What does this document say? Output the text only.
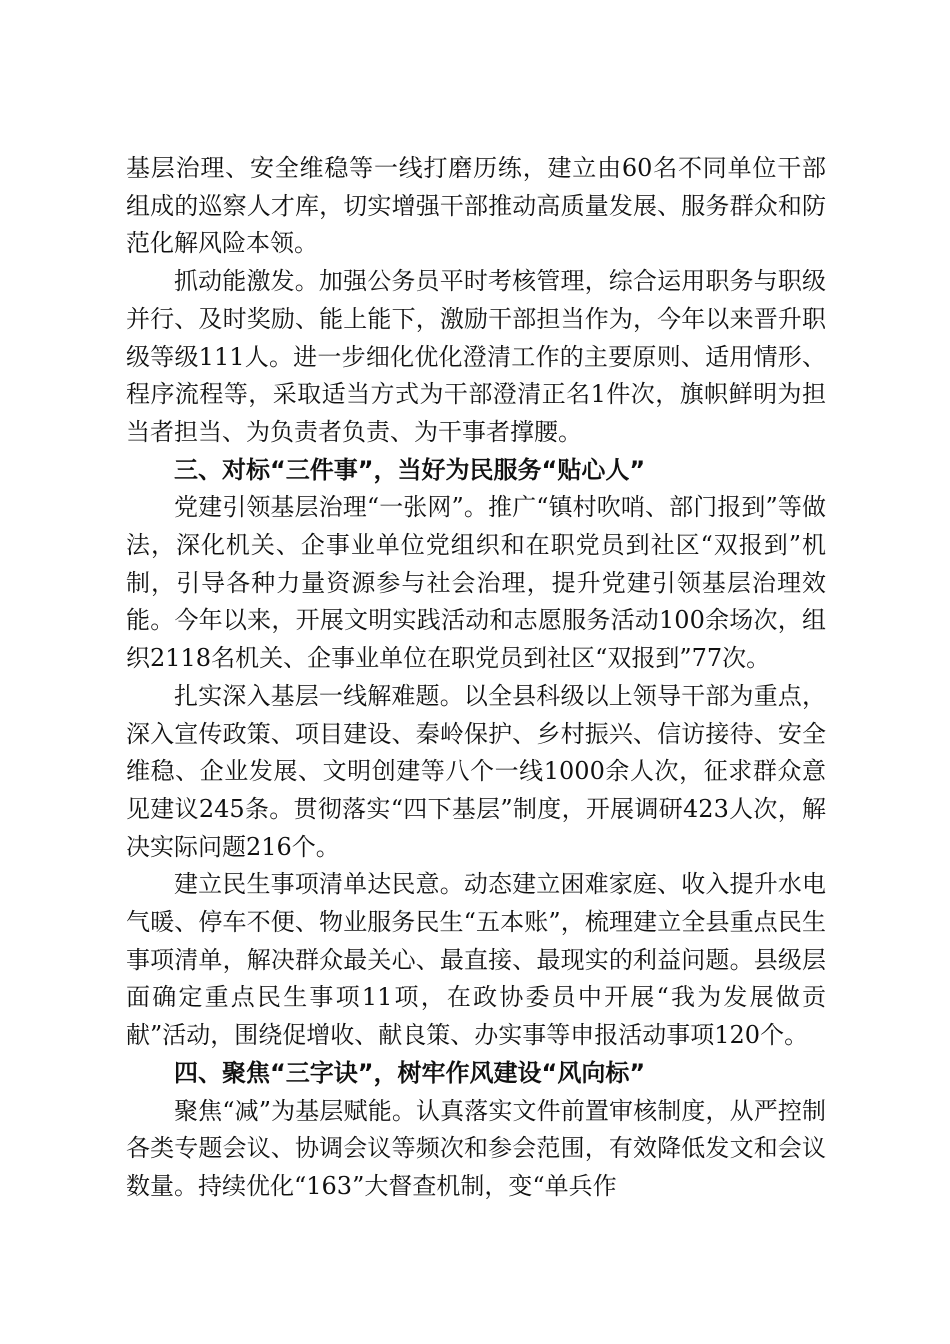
基层治理、安全维稳等一线打磨历练，建立由60名不同单位干部组成的巡察人才库，切实增强干部推动高质量发展、服务群众和防范化解风险本领。

抓动能激发。加强公务员平时考核管理，综合运用职务与职级并行、及时奖励、能上能下，激励干部担当作为，今年以来晋升职级等级111人。进一步细化优化澄清工作的主要原则、适用情形、程序流程等，采取适当方式为干部澄清正名1件次，旗帜鲜明为担当者担当、为负责者负责、为干事者撑腰。

三、对标“三件事”，当好为民服务“贴心人”

党建引领基层治理“一张网”。推广“镇村吹哨、部门报到”等做法，深化机关、企事业单位党组织和在职党员到社区“双报到”机制，引导各种力量资源参与社会治理，提升党建引领基层治理效能。今年以来，开展文明实践活动和志愿服务活动100余场次，组织2118名机关、企事业单位在职党员到社区“双报到”77次。

扎实深入基层一线解难题。以全县科级以上领导干部为重点，深入宣传政策、项目建设、秦岭保护、乡村振兴、信访接待、安全维稳、企业发展、文明创建等八个一线1000余人次，征求群众意见建议245条。贯彻落实“四下基层”制度，开展调研423人次，解决实际问题216个。

建立民生事项清单达民意。动态建立困难家庭、收入提升水电气暖、停车不便、物业服务民生“五本账”，梳理建立全县重点民生事项清单，解决群众最关心、最直接、最现实的利益问题。县级层面确定重点民生事项11项，在政协委员中开展“我为发展做贡献”活动，围绕促增收、献良策、办实事等申报活动事项120个。

四、聚焦“三字诀”，树牢作风建设“风向标”

聚焦“减”为基层赋能。认真落实文件前置审核制度，从严控制各类专题会议、协调会议等频次和参会范围，有效降低发文和会议数量。持续优化“163”大督查机制，变“单兵作
